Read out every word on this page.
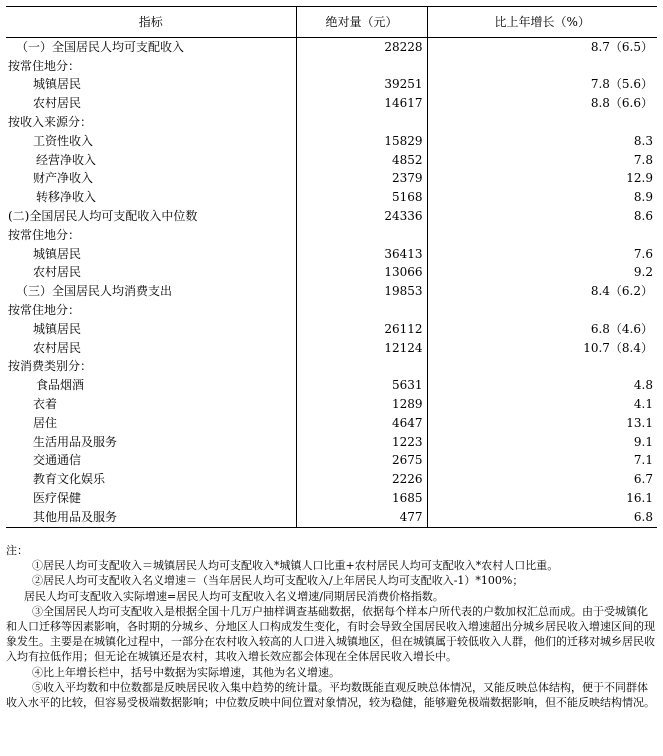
指标	绝对量（元）	比上年增长（%）
（一）全国居民人均可支配收入	28228	8.7（6.5）
按常住地分：		
城镇居民	39251	7.8（5.6）
农村居民	14617	8.8（6.6）
按收入来源分：		
工资性收入	15829	8.3
经营净收入	4852	7.8
财产净收入	2379	12.9
转移净收入	5168	8.9
(二)全国居民人均可支配收入中位数	24336	8.6
按常住地分：		
城镇居民	36413	7.6
农村居民	13066	9.2
（三）全国居民人均消费支出	19853	8.4（6.2）
按常住地分：		
城镇居民	26112	6.8（4.6）
农村居民	12124	10.7（8.4）
按消费类别分：		
食品烟酒	5631	4.8
衣着	1289	4.1
居住	4647	13.1
生活用品及服务	1223	9.1
交通通信	2675	7.1
教育文化娱乐	2226	6.7
医疗保健	1685	16.1
其他用品及服务	477	6.8

注：

①居民人均可支配收入＝城镇居民人均可支配收入*城镇人口比重+农村居民人均可支配收入*农村人口比重。

②居民人均可支配收入名义增速＝（当年居民人均可支配收入/上年居民人均可支配收入-1）*100%；

居民人均可支配收入实际增速=居民人均可支配收入名义增速/同期居民消费价格指数。

③全国居民人均可支配收入是根据全国十几万户抽样调查基础数据，依据每个样本户所代表的户数加权汇总而成。由于受城镇化和人口迁移等因素影响，各时期的分城乡、分地区人口构成发生变化，有时会导致全国居民收入增速超出分城乡居民收入增速区间的现象发生。主要是在城镇化过程中，一部分在农村收入较高的人口进入城镇地区，但在城镇属于较低收入人群，他们的迁移对城乡居民收入均有拉低作用；但无论在城镇还是农村，其收入增长效应都会体现在全体居民收入增长中。

④比上年增长栏中，括号中数据为实际增速，其他为名义增速。

⑤收入平均数和中位数都是反映居民收入集中趋势的统计量。平均数既能直观反映总体情况，又能反映总体结构，便于不同群体收入水平的比较，但容易受极端数据影响；中位数反映中间位置对象情况，较为稳健，能够避免极端数据影响，但不能反映结构情况。
